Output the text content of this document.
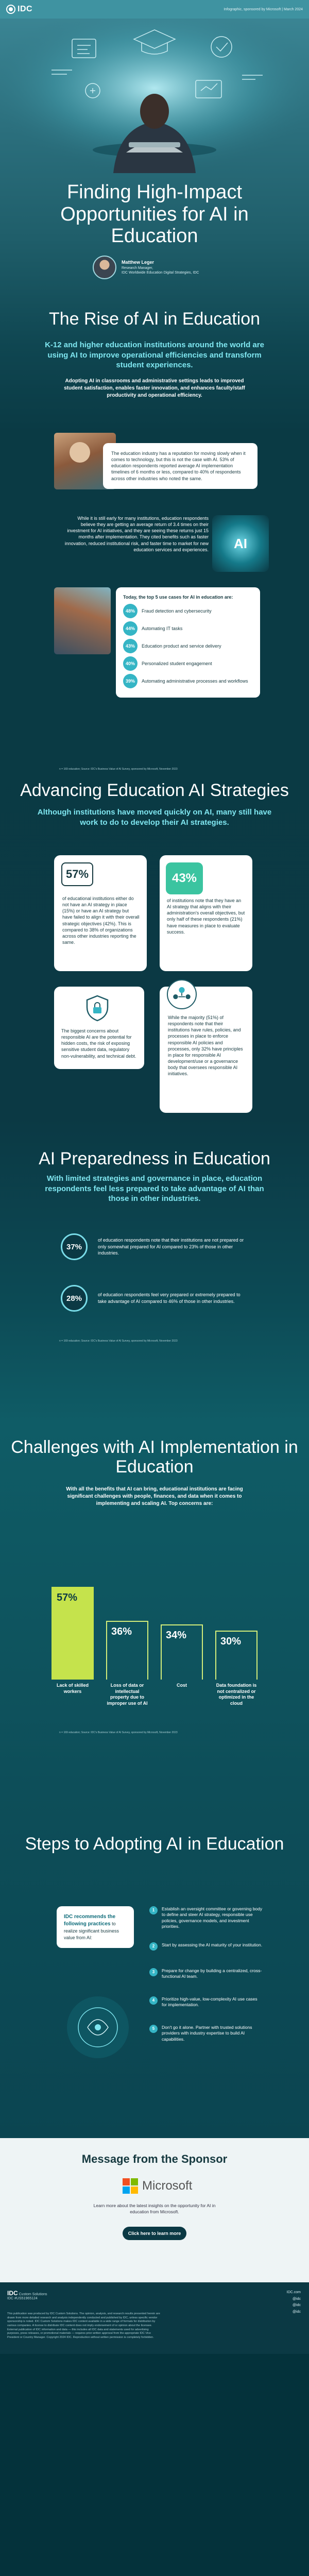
IDC	Infographic, sponsored by Microsoft | March 2024
Finding High-Impact Opportunities for AI in Education
Matthew Leger
Research Manager,
IDC Worldwide Education Digital Strategies, IDC
The Rise of AI in Education

K-12 and higher education institutions around the world are using AI to improve operational efficiencies and transform student experiences.

Adopting AI in classrooms and administrative settings leads to improved student satisfaction, enables faster innovation, and enhances faculty/staff productivity and operational efficiency.

The education industry has a reputation for moving slowly when it comes to technology, but this is not the case with AI. 53% of education respondents reported average AI implementation timelines of 6 months or less, compared to 40% of respondents across other industries who noted the same.

While it is still early for many institutions, education respondents believe they are getting an average return of 3.4 times on their investment for AI initiatives, and they are seeing these returns just 15 months after implementation. They cited benefits such as faster innovation, reduced institutional risk, and faster time to market for new education services and experiences.	AI
Today, the top 5 use cases for AI in education are:
48%	Fraud detection and cybersecurity
44%	Automating IT tasks
43%	Education product and service delivery
40%	Personalized student engagement
39%	Automating administrative processes and workflows

n = 169 education; Source: IDC's Business Value of AI Survey, sponsored by Microsoft, November 2023

Advancing Education AI Strategies

Although institutions have moved quickly on AI, many still have work to do to develop their AI strategies.

57%

of educational institutions either do not have an AI strategy in place (15%) or have an AI strategy but have failed to align it with their overall strategic objectives (42%). This is compared to 38% of organizations across other industries reporting the same.

43%

of institutions note that they have an AI strategy that aligns with their administration's overall objectives, but only half of these respondents (21%) have measures in place to evaluate success.

The biggest concerns about responsible AI are the potential for hidden costs, the risk of exposing sensitive student data, regulatory non-vulnerability, and technical debt.

While the majority (51%) of respondents note that their institutions have rules, policies, and processes in place to enforce responsible AI policies and processes, only 32% have principles in place for responsible AI development/use or a governance body that oversees responsible AI initiatives.

AI Preparedness in Education

With limited strategies and governance in place, education respondents feel less prepared to take advantage of AI than those in other industries.

37%

of education respondents note that their institutions are not prepared or only somewhat prepared for AI compared to 23% of those in other industries.

28%	of education respondents feel very prepared or extremely prepared to take advantage of AI compared to 46% of those in other industries.

n = 169 education; Source: IDC's Business Value of AI Survey, sponsored by Microsoft, November 2023

Challenges with AI Implementation in Education

With all the benefits that AI can bring, educational institutions are facing significant challenges with people, finances, and data when it comes to implementing and scaling AI. Top concerns are:

57%
Lack of skilled workers
36%
Loss of data or intellectual property due to improper use of AI
34%
Cost
30%
Data foundation is not centralized or optimized in the cloud

n = 169 education; Source: IDC's Business Value of AI Survey, sponsored by Microsoft, November 2023

Steps to Adopting AI in Education
IDC recommends the following practices to realize significant business value from AI:
1	Establish an oversight committee or governing body to define and steer AI strategy, responsible use policies, governance models, and investment priorities.
2	Start by assessing the AI maturity of your institution.
3	Prepare for change by building a centralized, cross-functional AI team.
4	Prioritize high-value, low-complexity AI use cases for implementation.
5	Don't go it alone. Partner with trusted solutions providers with industry expertise to build AI capabilities.
Message from the Sponsor
Microsoft

Learn more about the latest insights on the opportunity for AI in education from Microsoft.

Click here to learn more
IDC Custom Solutions
IDC #US51965124

This publication was produced by IDC Custom Solutions. The opinion, analysis, and research results presented herein are drawn from more detailed research and analysis independently conducted and published by IDC, unless specific vendor sponsorship is noted. IDC Custom Solutions makes IDC content available in a wide range of formats for distribution by various companies. A license to distribute IDC content does not imply endorsement of or opinion about the licensee. External publication of IDC information and data — this includes all IDC data and statements used for advertising purposes, press releases, or promotional materials — requires prior written approval from the appropriate IDC Vice President or Country Manager. Copyright 2024 IDC. Reproduction without written permission is completely forbidden.

IDC.com
@idc
@idc
@idc
